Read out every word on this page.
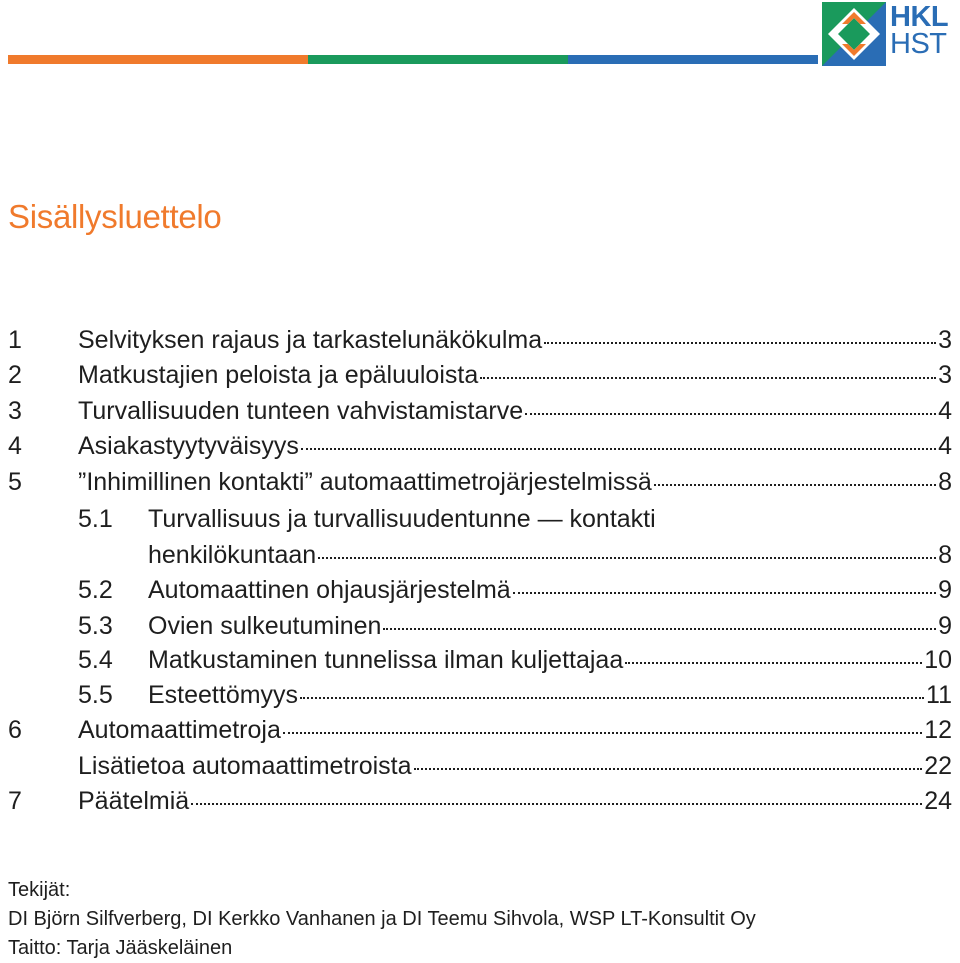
HKL
HST
Sisällysluettelo
1 Selvityksen rajaus ja tarkastelunäkökulma	3
2 Matkustajien peloista ja epäluuloista	3
3 Turvallisuuden tunteen vahvistamistarve	4
4 Asiakastyytyväisyys	4
5 ”Inhimillinen kontakti” automaattimetrojärjestelmissä	8
5.1 Turvallisuus ja turvallisuudentunne — kontakti
henkilökuntaan	8
5.2 Automaattinen ohjausjärjestelmä	9
5.3 Ovien sulkeutuminen	9
5.4 Matkustaminen tunnelissa ilman kuljettajaa	10
5.5 Esteettömyys	11
6 Automaattimetroja	12
Lisätietoa automaattimetroista	22
7 Päätelmiä	24
Tekijät:
DI Björn Silfverberg, DI Kerkko Vanhanen ja DI Teemu Sihvola, WSP LT-Konsultit Oy
Taitto: Tarja Jääskeläinen
